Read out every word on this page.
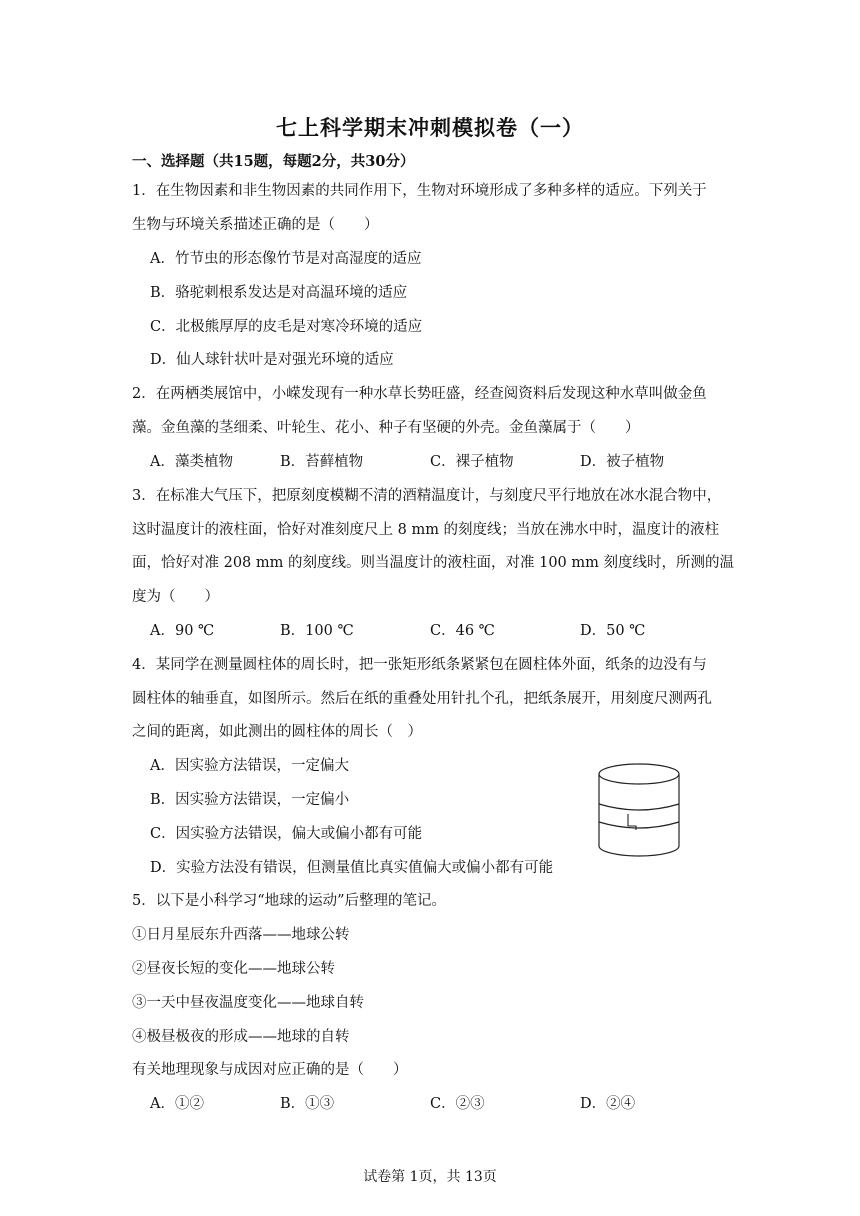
七上科学期末冲刺模拟卷（一）
一、选择题（共15题，每题2分，共30分）
1．在生物因素和非生物因素的共同作用下，生物对环境形成了多种多样的适应。下列关于
生物与环境关系描述正确的是（　　）
A．竹节虫的形态像竹节是对高湿度的适应
B．骆驼刺根系发达是对高温环境的适应
C．北极熊厚厚的皮毛是对寒冷环境的适应
D．仙人球针状叶是对强光环境的适应
2．在两栖类展馆中，小嵘发现有一种水草长势旺盛，经查阅资料后发现这种水草叫做金鱼
藻。金鱼藻的茎细柔、叶轮生、花小、种子有坚硬的外壳。金鱼藻属于（　　）
A．藻类植物	B．苔藓植物	C．裸子植物	D．被子植物
3．在标准大气压下，把原刻度模糊不清的酒精温度计，与刻度尺平行地放在冰水混合物中，
这时温度计的液柱面，恰好对准刻度尺上 8 mm 的刻度线；当放在沸水中时，温度计的液柱
面，恰好对准 208 mm 的刻度线。则当温度计的液柱面，对准 100 mm 刻度线时，所测的温
度为（　　）
A．90 ℃	B．100 ℃	C．46 ℃	D．50 ℃
4．某同学在测量圆柱体的周长时，把一张矩形纸条紧紧包在圆柱体外面，纸条的边没有与
圆柱体的轴垂直，如图所示。然后在纸的重叠处用针扎个孔，把纸条展开，用刻度尺测两孔
之间的距离，如此测出的圆柱体的周长（　）
A．因实验方法错误，一定偏大
B．因实验方法错误，一定偏小
C．因实验方法错误，偏大或偏小都有可能
D．实验方法没有错误，但测量值比真实值偏大或偏小都有可能
5．以下是小科学习“地球的运动”后整理的笔记。
①日月星辰东升西落——地球公转
②昼夜长短的变化——地球公转
③一天中昼夜温度变化——地球自转
④极昼极夜的形成——地球的自转
有关地理现象与成因对应正确的是（　　）
A．①②	B．①③	C．②③	D．②④
试卷第 1页，共 13页
